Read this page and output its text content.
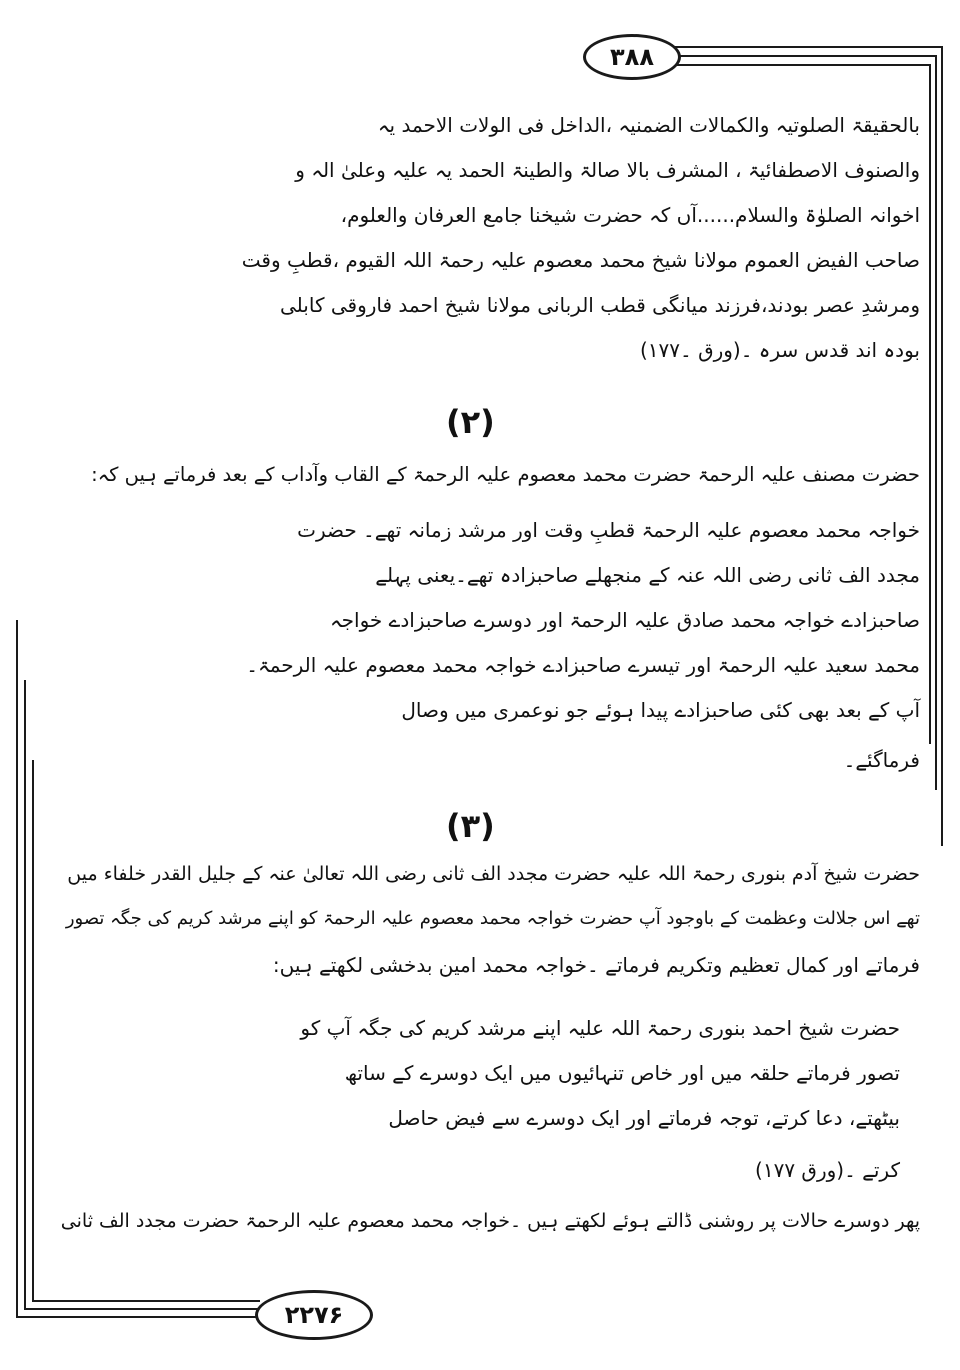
۳۸۸
۲۲۷۶
بالحقیقۃ الصلوتیہ والکمالات الضمنیہ ،الداخل فی الولات الاحمد یہ
والصنوف الاصطفائیۃ ، المشرف بالا صالۃ والطینۃ الحمد یہ علیہ وعلیٰ الہ و
اخوانہ الصلوٰۃ والسلام......آں کہ حضرت شیخنا جامع العرفان والعلوم،
صاحب الفیض العموم مولانا شیخ محمد معصوم علیہ رحمۃ اللہ القیوم ،قطبِ وقت
ومرشدِ عصر بودند،فرزند میانگی قطب الربانی مولانا شیخ احمد فاروقی کابلی
بودہ اند قدس سرہ ۔(ورق ۔۱۷۷)
(۲)
حضرت مصنف علیہ الرحمۃ حضرت محمد معصوم علیہ الرحمۃ کے القاب وآداب کے بعد فرماتے ہیں کہ:
خواجہ محمد معصوم علیہ الرحمۃ قطبِ وقت اور مرشد زمانہ تھے۔ حضرت
مجدد الف ثانی رضی اللہ عنہ کے منجھلے صاحبزادہ تھے۔یعنی پہلے
صاحبزادے خواجہ محمد صادق علیہ الرحمۃ اور دوسرے صاحبزادے خواجہ
محمد سعید علیہ الرحمۃ اور تیسرے صاحبزادے خواجہ محمد معصوم علیہ الرحمۃ۔
آپ کے بعد بھی کئی صاحبزادے پیدا ہوئے جو نوعمری میں وصال
فرماگئے۔
(۳)
حضرت شیخ آدم بنوری رحمۃ اللہ علیہ حضرت مجدد الف ثانی رضی اللہ تعالیٰ عنہ کے جلیل القدر خلفاء میں
تھے اس جلالت وعظمت کے باوجود آپ حضرت خواجہ محمد معصوم علیہ الرحمۃ کو اپنے مرشد کریم کی جگہ تصور
فرماتے اور کمال تعظیم وتکریم فرماتے ۔خواجہ محمد امین بدخشی لکھتے ہیں:
حضرت شیخ احمد بنوری رحمۃ اللہ علیہ اپنے مرشد کریم کی جگہ آپ کو
تصور فرماتے حلقہ میں اور خاص تنہائیوں میں ایک دوسرے کے ساتھ
بیٹھتے، دعا کرتے، توجہ فرماتے اور ایک دوسرے سے فیض حاصل
کرتے ۔(ورق ۱۷۷)
پھر دوسرے حالات پر روشنی ڈالتے ہوئے لکھتے ہیں ۔خواجہ محمد معصوم علیہ الرحمۃ حضرت مجدد الف ثانی
